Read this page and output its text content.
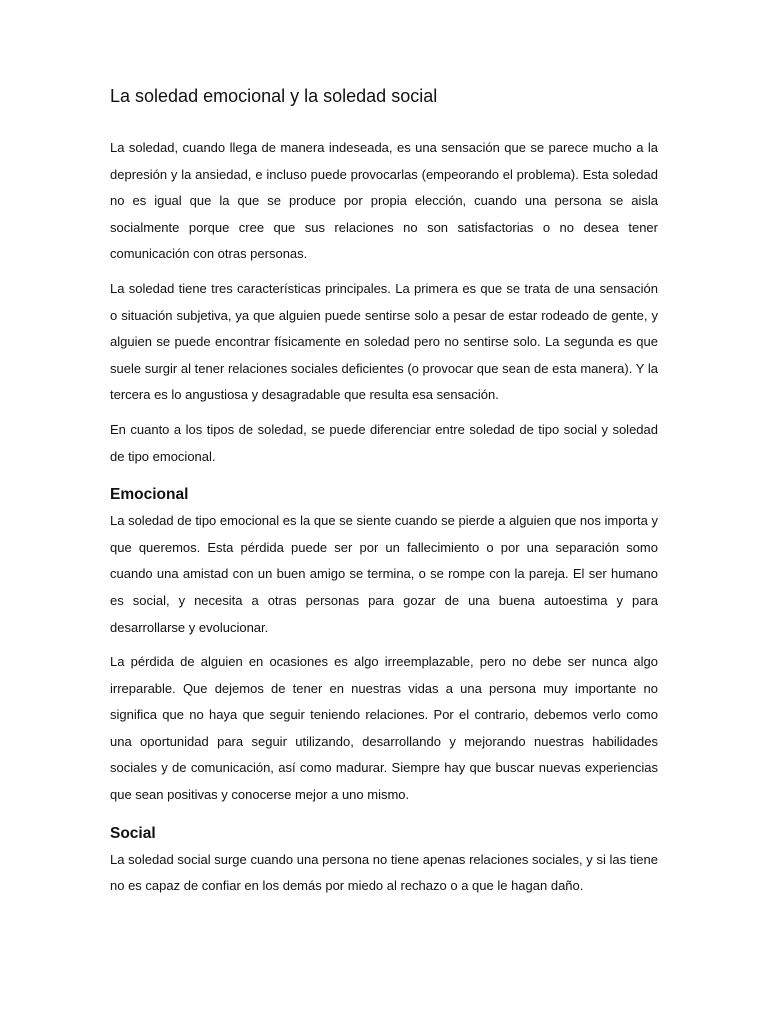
La soledad emocional y la soledad social

La soledad, cuando llega de manera indeseada, es una sensación que se parece mucho a la depresión y la ansiedad, e incluso puede provocarlas (empeorando el problema). Esta soledad no es igual que la que se produce por propia elección, cuando una persona se aisla socialmente porque cree que sus relaciones no son satisfactorias o no desea tener comunicación con otras personas.

La soledad tiene tres características principales. La primera es que se trata de una sensación o situación subjetiva, ya que alguien puede sentirse solo a pesar de estar rodeado de gente, y alguien se puede encontrar físicamente en soledad pero no sentirse solo. La segunda es que suele surgir al tener relaciones sociales deficientes (o provocar que sean de esta manera). Y la tercera es lo angustiosa y desagradable que resulta esa sensación.

En cuanto a los tipos de soledad, se puede diferenciar entre soledad de tipo social y soledad de tipo emocional.

Emocional

La soledad de tipo emocional es la que se siente cuando se pierde a alguien que nos importa y que queremos. Esta pérdida puede ser por un fallecimiento o por una separación somo cuando una amistad con un buen amigo se termina, o se rompe con la pareja. El ser humano es social, y necesita a otras personas para gozar de una buena autoestima y para desarrollarse y evolucionar.

La pérdida de alguien en ocasiones es algo irreemplazable, pero no debe ser nunca algo irreparable. Que dejemos de tener en nuestras vidas a una persona muy importante no significa que no haya que seguir teniendo relaciones. Por el contrario, debemos verlo como una oportunidad para seguir utilizando, desarrollando y mejorando nuestras habilidades sociales y de comunicación, así como madurar. Siempre hay que buscar nuevas experiencias que sean positivas y conocerse mejor a uno mismo.

Social

La soledad social surge cuando una persona no tiene apenas relaciones sociales, y si las tiene no es capaz de confiar en los demás por miedo al rechazo o a que le hagan daño.
